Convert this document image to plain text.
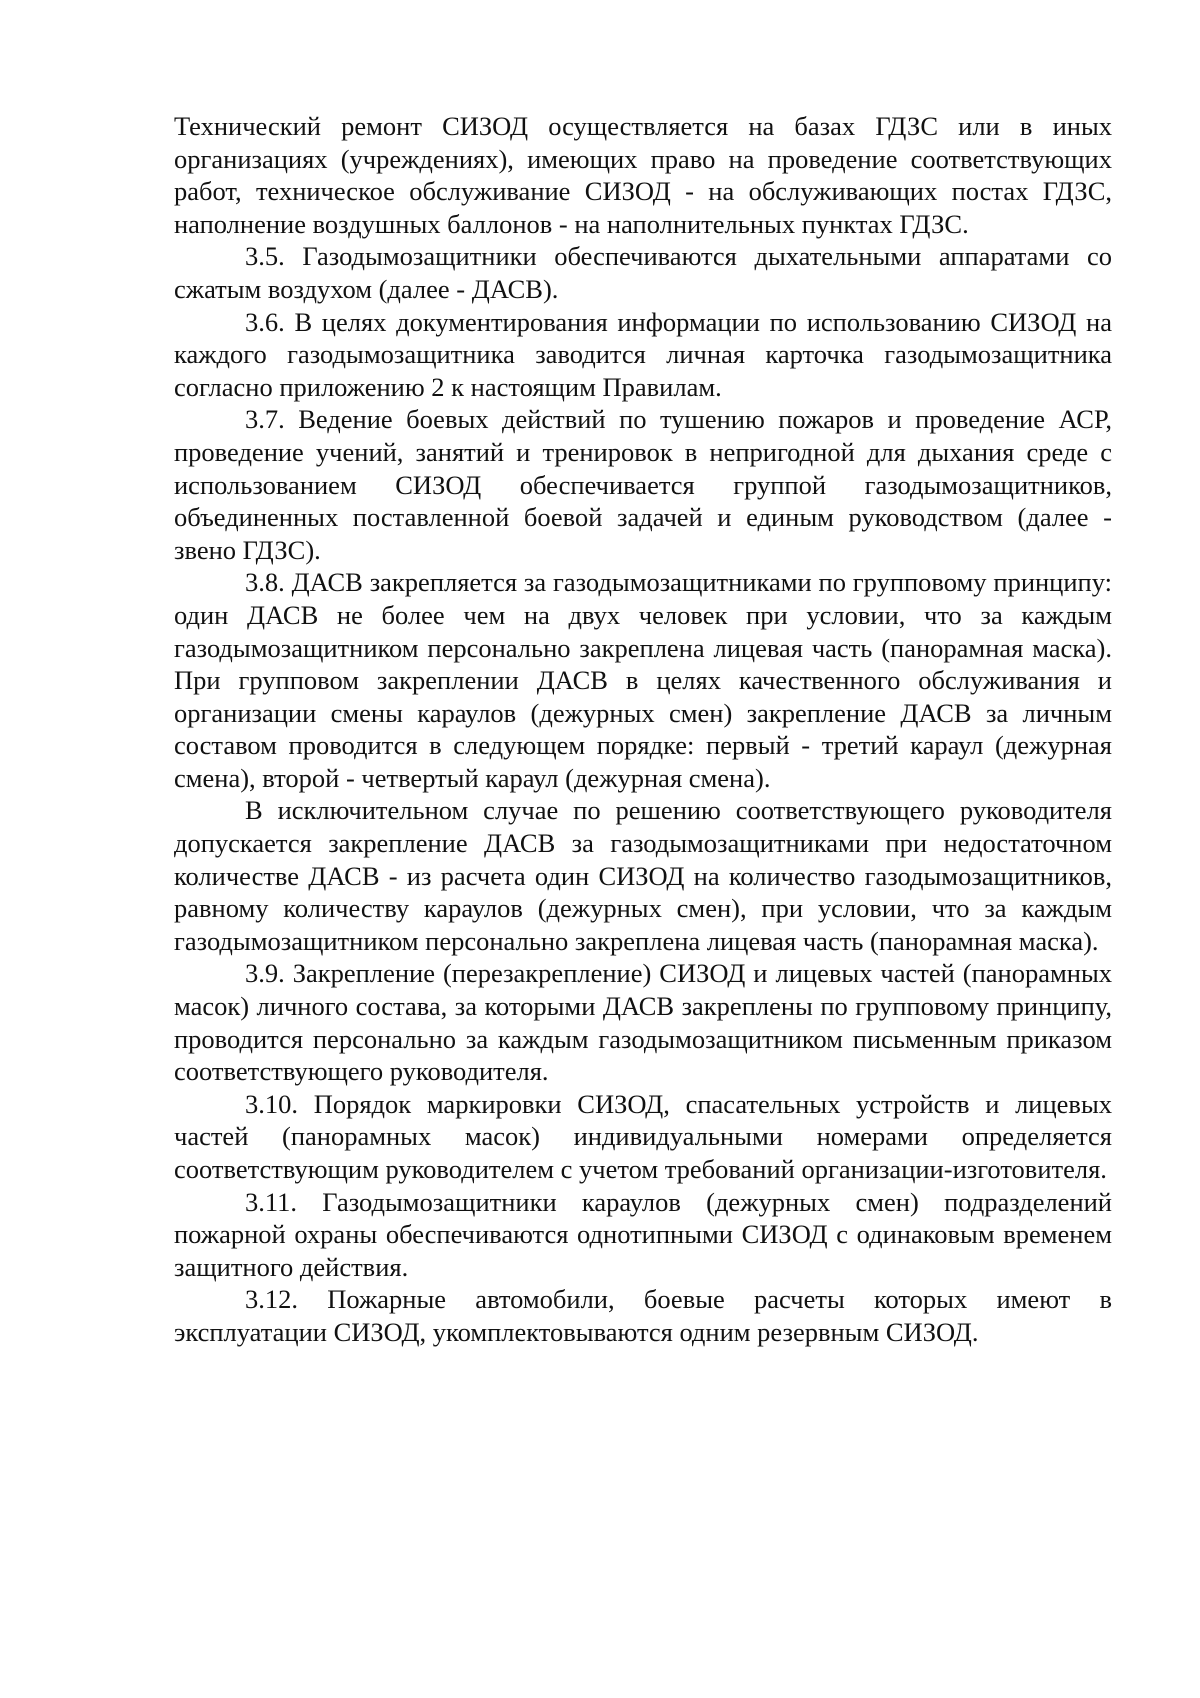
Технический ремонт СИЗОД осуществляется на базах ГДЗС или в иных организациях (учреждениях), имеющих право на проведение соответствующих работ, техническое обслуживание СИЗОД - на обслуживающих постах ГДЗС, наполнение воздушных баллонов - на наполнительных пунктах ГДЗС.

3.5. Газодымозащитники обеспечиваются дыхательными аппаратами со сжатым воздухом (далее - ДАСВ).

3.6. В целях документирования информации по использованию СИЗОД на каждого газодымозащитника заводится личная карточка газодымозащитника согласно приложению 2 к настоящим Правилам.

3.7. Ведение боевых действий по тушению пожаров и проведение АСР, проведение учений, занятий и тренировок в непригодной для дыхания среде с использованием СИЗОД обеспечивается группой газодымозащитников, объединенных поставленной боевой задачей и единым руководством (далее - звено ГДЗС).

3.8. ДАСВ закрепляется за газодымозащитниками по групповому принципу: один ДАСВ не более чем на двух человек при условии, что за каждым газодымозащитником персонально закреплена лицевая часть (панорамная маска). При групповом закреплении ДАСВ в целях качественного обслуживания и организации смены караулов (дежурных смен) закрепление ДАСВ за личным составом проводится в следующем порядке: первый - третий караул (дежурная смена), второй - четвертый караул (дежурная смена).

В исключительном случае по решению соответствующего руководителя допускается закрепление ДАСВ за газодымозащитниками при недостаточном количестве ДАСВ - из расчета один СИЗОД на количество газодымозащитников, равному количеству караулов (дежурных смен), при условии, что за каждым газодымозащитником персонально закреплена лицевая часть (панорамная маска).

3.9. Закрепление (перезакрепление) СИЗОД и лицевых частей (панорамных масок) личного состава, за которыми ДАСВ закреплены по групповому принципу, проводится персонально за каждым газодымозащитником письменным приказом соответствующего руководителя.

3.10. Порядок маркировки СИЗОД, спасательных устройств и лицевых частей (панорамных масок) индивидуальными номерами определяется соответствующим руководителем с учетом требований организации-изготовителя.

3.11. Газодымозащитники караулов (дежурных смен) подразделений пожарной охраны обеспечиваются однотипными СИЗОД с одинаковым временем защитного действия.

3.12. Пожарные автомобили, боевые расчеты которых имеют в эксплуатации СИЗОД, укомплектовываются одним резервным СИЗОД.
